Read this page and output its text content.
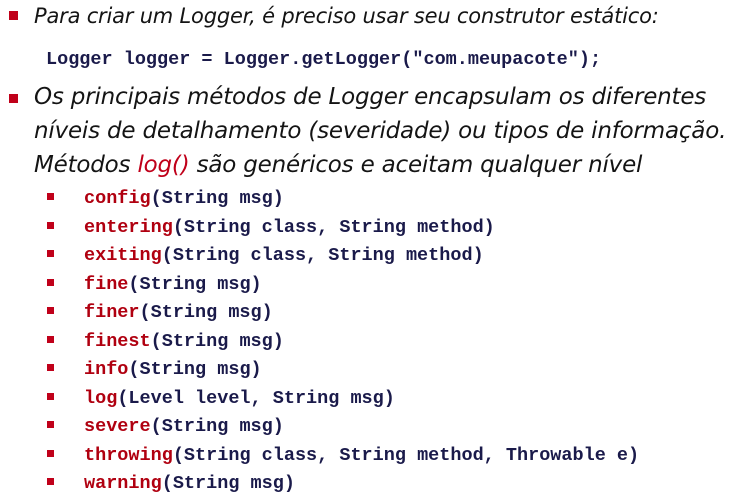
Para criar um Logger, é preciso usar seu construtor estático:
Logger logger = Logger.getLogger("com.meupacote");
Os principais métodos de Logger encapsulam os diferentes
níveis de detalhamento (severidade) ou tipos de informação.
Métodos log() são genéricos e aceitam qualquer nível
config(String msg)
entering(String class, String method)
exiting(String class, String method)
fine(String msg)
finer(String msg)
finest(String msg)
info(String msg)
log(Level level, String msg)
severe(String msg)
throwing(String class, String method, Throwable e)
warning(String msg)
